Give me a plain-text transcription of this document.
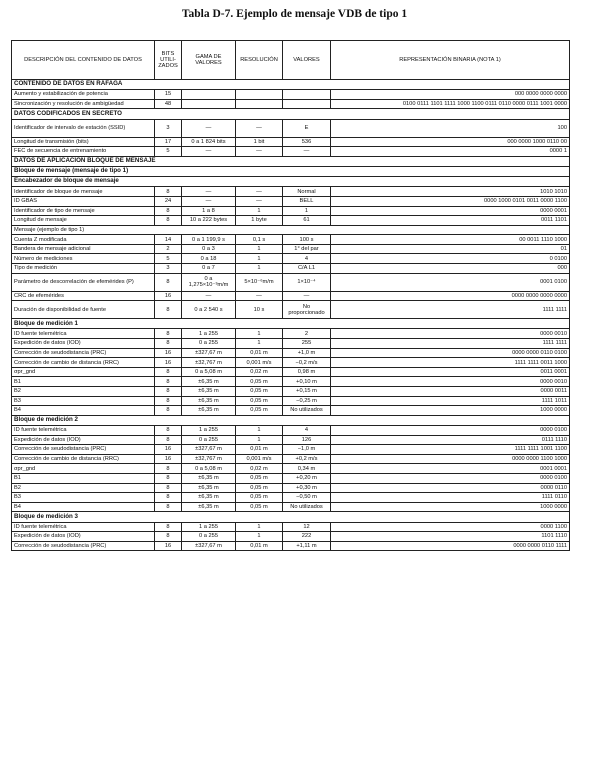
Tabla D-7. Ejemplo de mensaje VDB de tipo 1
DESCRIPCIÓN DEL CONTENIDO DE DATOS	BITS UTILI- ZADOS	GAMA DE VALORES	RESOLUCIÓN	VALORES	REPRESENTACIÓN BINARIA (NOTA 1)
CONTENIDO DE DATOS EN RÁFAGA					
Aumento y estabilización de potencia	15				000 0000 0000 0000
Sincronización y resolución de ambigüedad	48				0100 0111 1101 1111 1000 1100 0111 0110 0000 0111 1001 0000
DATOS CODIFICADOS EN SECRETO					
Identificador de intervalo de estación (SSID)	3	—	—	E	100
Longitud de transmisión (bits)	17	0 a 1 824 bits	1 bit	536	000 0000 1000 0110 00
FEC de secuencia de entrenamiento	5	—	—	—	0000 1
DATOS DE APLICACIÓN BLOQUE DE MENSAJE					
Bloque de mensaje (mensaje de tipo 1)					
Encabezador de bloque de mensaje					
Identificador de bloque de mensaje	8	—	—	Normal	1010 1010
ID GBAS	24	—	—	BELL	0000 1000 0101 0011 0000 1100
Identificador de tipo de mensaje	8	1 a 8	1	1	0000 0001
Longitud de mensaje	8	10 a 222 bytes	1 byte	61	0011 1101
Mensaje (ejemplo de tipo 1)					
Cuenta Z modificada	14	0 a 1 199,9 s	0,1 s	100 s	00 0011 1110 1000
Bandera de mensaje adicional	2	0 a 3	1	1° del par	01
Número de mediciones	5	0 a 18	1	4	0 0100
Tipo de medición	3	0 a 7	1	C/A L1	000
Parámetro de descorrelación de efemérides (P)	8	0 a 1,275×10⁻³m/m	5×10⁻⁶m/m	1×10⁻⁴	0001 0100
CRC de efemérides	16	—	—	—	0000 0000 0000 0000
Duración de disponibilidad de fuente	8	0 a 2 540 s	10 s	No proporcionado	1111 1111
Bloque de medición 1					
ID fuente telemétrica	8	1 a 255	1	2	0000 0010
Expedición de datos (IOD)	8	0 a 255	1	255	1111 1111
Corrección de seudodistancia (PRC)	16	±327,67 m	0,01 m	+1,0 m	0000 0000 0110 0100
Corrección de cambio de distancia (RRC)	16	±32,767 m	0,001 m/s	−0,2 m/s	1111 1111 0011 1000
σpr_gnd	8	0 a 5,08 m	0,02 m	0,98 m	0011 0001
B1	8	±6,35 m	0,05 m	+0,10 m	0000 0010
B2	8	±6,35 m	0,05 m	+0,15 m	0000 0011
B3	8	±6,35 m	0,05 m	−0,25 m	1111 1011
B4	8	±6,35 m	0,05 m	No utilizados	1000 0000
Bloque de medición 2					
ID fuente telemétrica	8	1 a 255	1	4	0000 0100
Expedición de datos (IOD)	8	0 a 255	1	126	0111 1110
Corrección de seudodistancia (PRC)	16	±327,67 m	0,01 m	−1,0 m	1111 1111 1001 1100
Corrección de cambio de distancia (RRC)	16	±32,767 m	0,001 m/s	+0,2 m/s	0000 0000 1100 1000
σpr_gnd	8	0 a 5,08 m	0,02 m	0,34 m	0001 0001
B1	8	±6,35 m	0,05 m	+0,20 m	0000 0100
B2	8	±6,35 m	0,05 m	+0,30 m	0000 0110
B3	8	±6,35 m	0,05 m	−0,50 m	1111 0110
B4	8	±6,35 m	0,05 m	No utilizados	1000 0000
Bloque de medición 3					
ID fuente telemétrica	8	1 a 255	1	12	0000 1100
Expedición de datos (IOD)	8	0 a 255	1	222	1101 1110
Corrección de seudodistancia (PRC)	16	±327,67 m	0,01 m	+1,11 m	0000 0000 0110 1111
